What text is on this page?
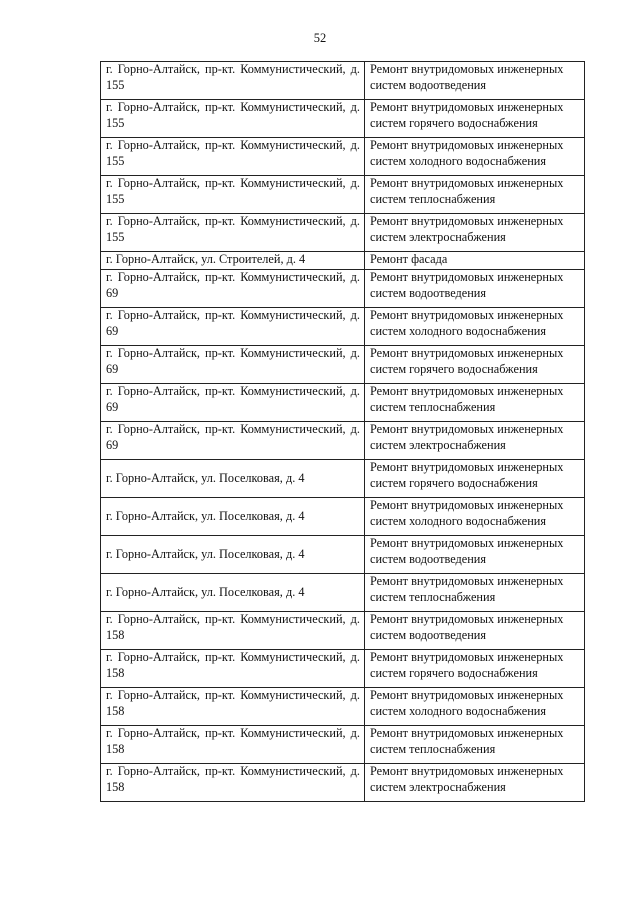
52
г. Горно-Алтайск, пр-кт. Коммунистический, д. 155	Ремонт внутридомовых инженерных систем водоотведения
г. Горно-Алтайск, пр-кт. Коммунистический, д. 155	Ремонт внутридомовых инженерных систем горячего водоснабжения
г. Горно-Алтайск, пр-кт. Коммунистический, д. 155	Ремонт внутридомовых инженерных систем холодного водоснабжения
г. Горно-Алтайск, пр-кт. Коммунистический, д. 155	Ремонт внутридомовых инженерных систем теплоснабжения
г. Горно-Алтайск, пр-кт. Коммунистический, д. 155	Ремонт внутридомовых инженерных систем электроснабжения
г. Горно-Алтайск, ул. Строителей, д. 4	Ремонт фасада
г. Горно-Алтайск, пр-кт. Коммунистический, д. 69	Ремонт внутридомовых инженерных систем водоотведения
г. Горно-Алтайск, пр-кт. Коммунистический, д. 69	Ремонт внутридомовых инженерных систем холодного водоснабжения
г. Горно-Алтайск, пр-кт. Коммунистический, д. 69	Ремонт внутридомовых инженерных систем горячего водоснабжения
г. Горно-Алтайск, пр-кт. Коммунистический, д. 69	Ремонт внутридомовых инженерных систем теплоснабжения
г. Горно-Алтайск, пр-кт. Коммунистический, д. 69	Ремонт внутридомовых инженерных систем электроснабжения
г. Горно-Алтайск, ул. Поселковая, д. 4	Ремонт внутридомовых инженерных систем горячего водоснабжения
г. Горно-Алтайск, ул. Поселковая, д. 4	Ремонт внутридомовых инженерных систем холодного водоснабжения
г. Горно-Алтайск, ул. Поселковая, д. 4	Ремонт внутридомовых инженерных систем водоотведения
г. Горно-Алтайск, ул. Поселковая, д. 4	Ремонт внутридомовых инженерных систем теплоснабжения
г. Горно-Алтайск, пр-кт. Коммунистический, д. 158	Ремонт внутридомовых инженерных систем водоотведения
г. Горно-Алтайск, пр-кт. Коммунистический, д. 158	Ремонт внутридомовых инженерных систем горячего водоснабжения
г. Горно-Алтайск, пр-кт. Коммунистический, д. 158	Ремонт внутридомовых инженерных систем холодного водоснабжения
г. Горно-Алтайск, пр-кт. Коммунистический, д. 158	Ремонт внутридомовых инженерных систем теплоснабжения
г. Горно-Алтайск, пр-кт. Коммунистический, д. 158	Ремонт внутридомовых инженерных систем электроснабжения
